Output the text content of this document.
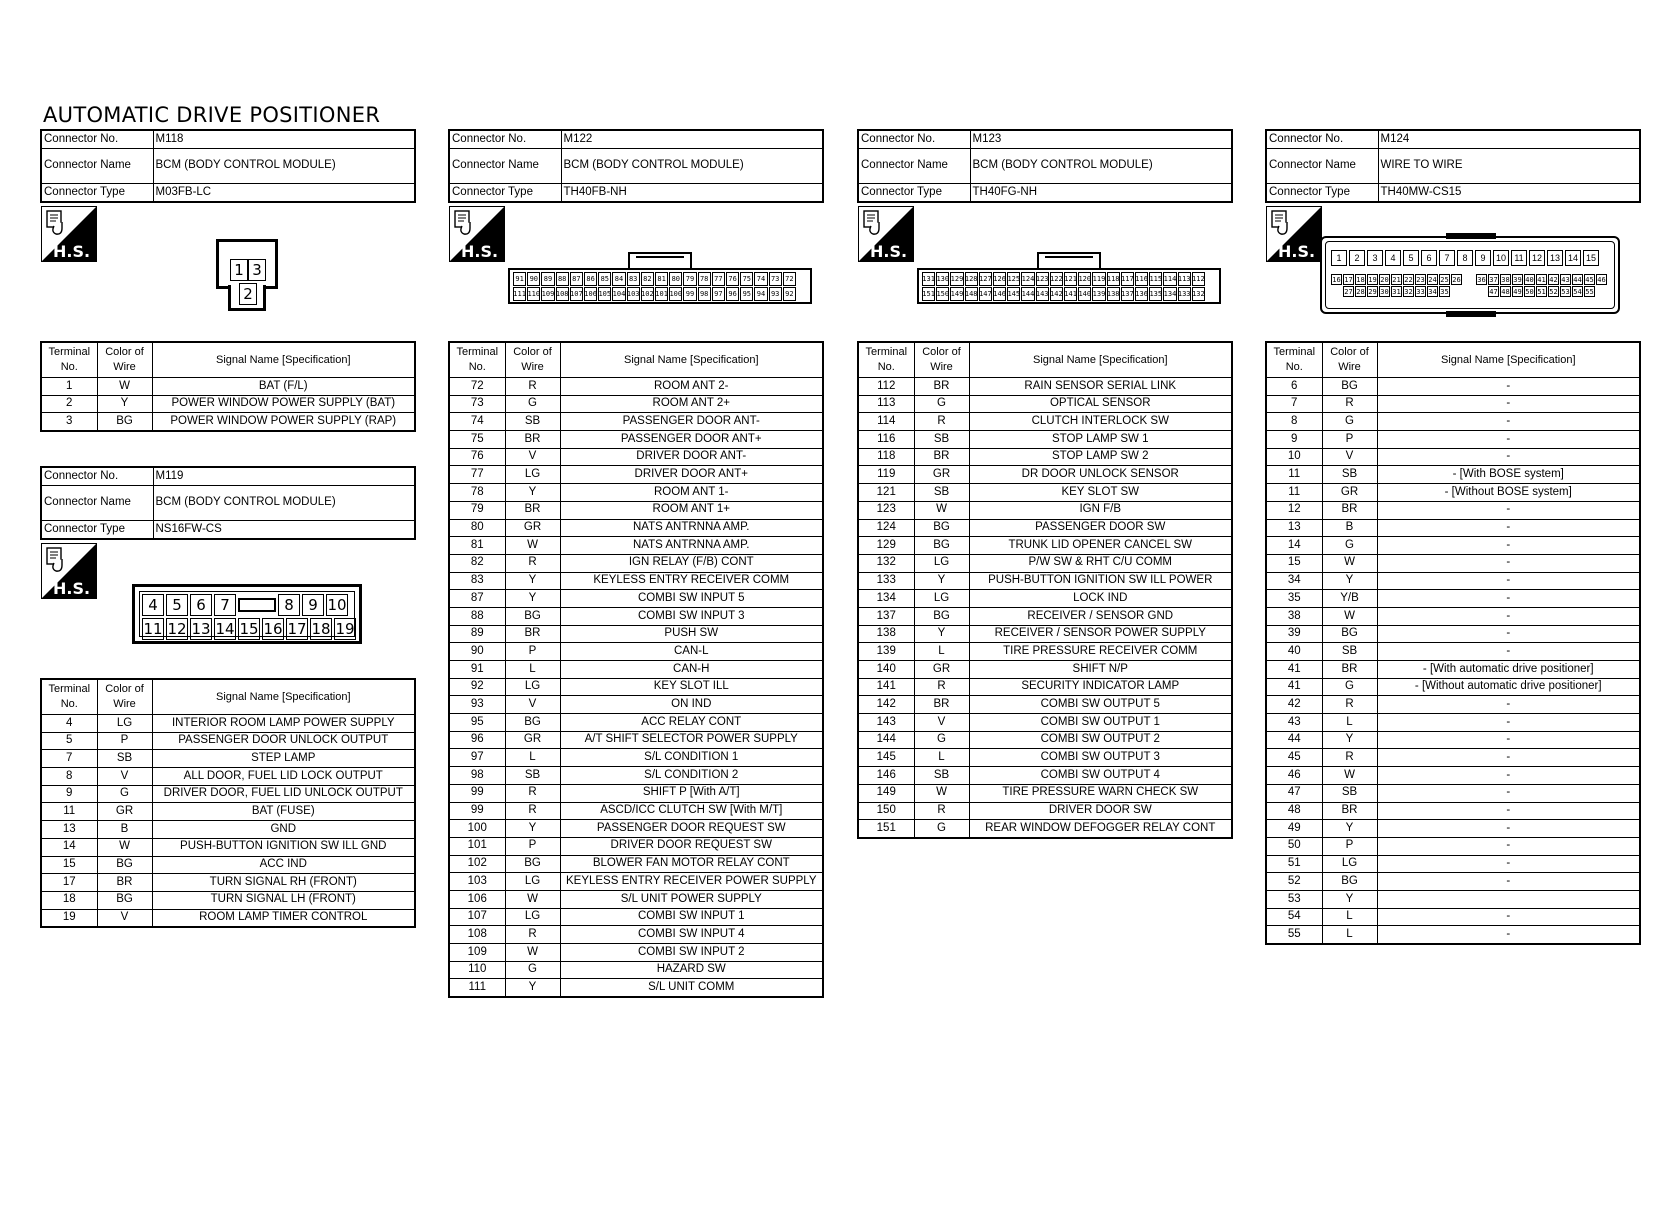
AUTOMATIC DRIVE POSITIONER
Connector No.	M118
Connector Name	BCM (BODY CONTROL MODULE)
Connector Type	M03FB-LC
H.S.
1 3
2
Terminal No.	Color of Wire	Signal Name [Specification]
1	W	BAT (F/L)
2	Y	POWER WINDOW POWER SUPPLY (BAT)
3	BG	POWER WINDOW POWER SUPPLY (RAP)
Connector No.	M119
Connector Name	BCM (BODY CONTROL MODULE)
Connector Type	NS16FW-CS
H.S.
4 5 6 7	8 9 10
11 12 13 14 15 16 17 18 19
Terminal No.	Color of Wire	Signal Name [Specification]
4	LG	INTERIOR ROOM LAMP POWER SUPPLY
5	P	PASSENGER DOOR UNLOCK OUTPUT
7	SB	STEP LAMP
8	V	ALL DOOR, FUEL LID LOCK OUTPUT
9	G	DRIVER DOOR, FUEL LID UNLOCK OUTPUT
11	GR	BAT (FUSE)
13	B	GND
14	W	PUSH-BUTTON IGNITION SW ILL GND
15	BG	ACC IND
17	BR	TURN SIGNAL RH (FRONT)
18	BG	TURN SIGNAL LH (FRONT)
19	V	ROOM LAMP TIMER CONTROL
Connector No.	M122
Connector Name	BCM (BODY CONTROL MODULE)
Connector Type	TH40FB-NH
H.S.
91 90 89 88 87 86 85 84 83 82 81 80 79 78 77 76 75 74 73 72
111 110 109 108 107 106 105 104 103 102 101 100 99 98 97 96 95 94 93 92
Terminal No.	Color of Wire	Signal Name [Specification]
72	R	ROOM ANT 2-
73	G	ROOM ANT 2+
74	SB	PASSENGER DOOR ANT-
75	BR	PASSENGER DOOR ANT+
76	V	DRIVER DOOR ANT-
77	LG	DRIVER DOOR ANT+
78	Y	ROOM ANT 1-
79	BR	ROOM ANT 1+
80	GR	NATS ANTRNNA AMP.
81	W	NATS ANTRNNA AMP.
82	R	IGN RELAY (F/B) CONT
83	Y	KEYLESS ENTRY RECEIVER COMM
87	Y	COMBI SW INPUT 5
88	BG	COMBI SW INPUT 3
89	BR	PUSH SW
90	P	CAN-L
91	L	CAN-H
92	LG	KEY SLOT ILL
93	V	ON IND
95	BG	ACC RELAY CONT
96	GR	A/T SHIFT SELECTOR POWER SUPPLY
97	L	S/L CONDITION 1
98	SB	S/L CONDITION 2
99	R	SHIFT P [With A/T]
99	R	ASCD/ICC CLUTCH SW [With M/T]
100	Y	PASSENGER DOOR REQUEST SW
101	P	DRIVER DOOR REQUEST SW
102	BG	BLOWER FAN MOTOR RELAY CONT
103	LG	KEYLESS ENTRY RECEIVER POWER SUPPLY
106	W	S/L UNIT POWER SUPPLY
107	LG	COMBI SW INPUT 1
108	R	COMBI SW INPUT 4
109	W	COMBI SW INPUT 2
110	G	HAZARD SW
111	Y	S/L UNIT COMM
Connector No.	M123
Connector Name	BCM (BODY CONTROL MODULE)
Connector Type	TH40FG-NH
H.S.
131 130 129 128 127 126 125 124 123 122 121 120 119 118 117 116 115 114 113 112
151 150 149 148 147 146 145 144 143 142 141 140 139 138 137 136 135 134 133 132
Terminal No.	Color of Wire	Signal Name [Specification]
112	BR	RAIN SENSOR SERIAL LINK
113	G	OPTICAL SENSOR
114	R	CLUTCH INTERLOCK SW
116	SB	STOP LAMP SW 1
118	BR	STOP LAMP SW 2
119	GR	DR DOOR UNLOCK SENSOR
121	SB	KEY SLOT SW
123	W	IGN F/B
124	BG	PASSENGER DOOR SW
129	BG	TRUNK LID OPENER CANCEL SW
132	LG	P/W SW & RHT C/U COMM
133	Y	PUSH-BUTTON IGNITION SW ILL POWER
134	LG	LOCK IND
137	BG	RECEIVER / SENSOR GND
138	Y	RECEIVER / SENSOR POWER SUPPLY
139	L	TIRE PRESSURE RECEIVER COMM
140	GR	SHIFT N/P
141	R	SECURITY INDICATOR LAMP
142	BR	COMBI SW OUTPUT 5
143	V	COMBI SW OUTPUT 1
144	G	COMBI SW OUTPUT 2
145	L	COMBI SW OUTPUT 3
146	SB	COMBI SW OUTPUT 4
149	W	TIRE PRESSURE WARN CHECK SW
150	R	DRIVER DOOR SW
151	G	REAR WINDOW DEFOGGER RELAY CONT
Connector No.	M124
Connector Name	WIRE TO WIRE
Connector Type	TH40MW-CS15
H.S.	1	2	3	4	5	6	7	8	9	10 11 12 13 14 15
16 17 18 19 20 21 22 23 24 25 26 36 37 38 39 40 41 42 43 44 45 46
27 28 29 30 31 32 33 34 35	47 48 49 50 51 52 53 54 55
Terminal No.	Color of Wire	Signal Name [Specification]
6	BG	-
7	R	-
8	G	-
9	P	-
10	V	-
11	SB	- [With BOSE system]
11	GR	- [Without BOSE system]
12	BR	-
13	B	-
14	G	-
15	W	-
34	Y	-
35	Y/B	-
38	W	-
39	BG	-
40	SB	-
41	BR	- [With automatic drive positioner]
41	G	- [Without automatic drive positioner]
42	R	-
43	L	-
44	Y	-
45	R	-
46	W	-
47	SB	-
48	BR	-
49	Y	-
50	P	-
51	LG	-
52	BG	-
53	Y	
54	L	-
55	L	-
